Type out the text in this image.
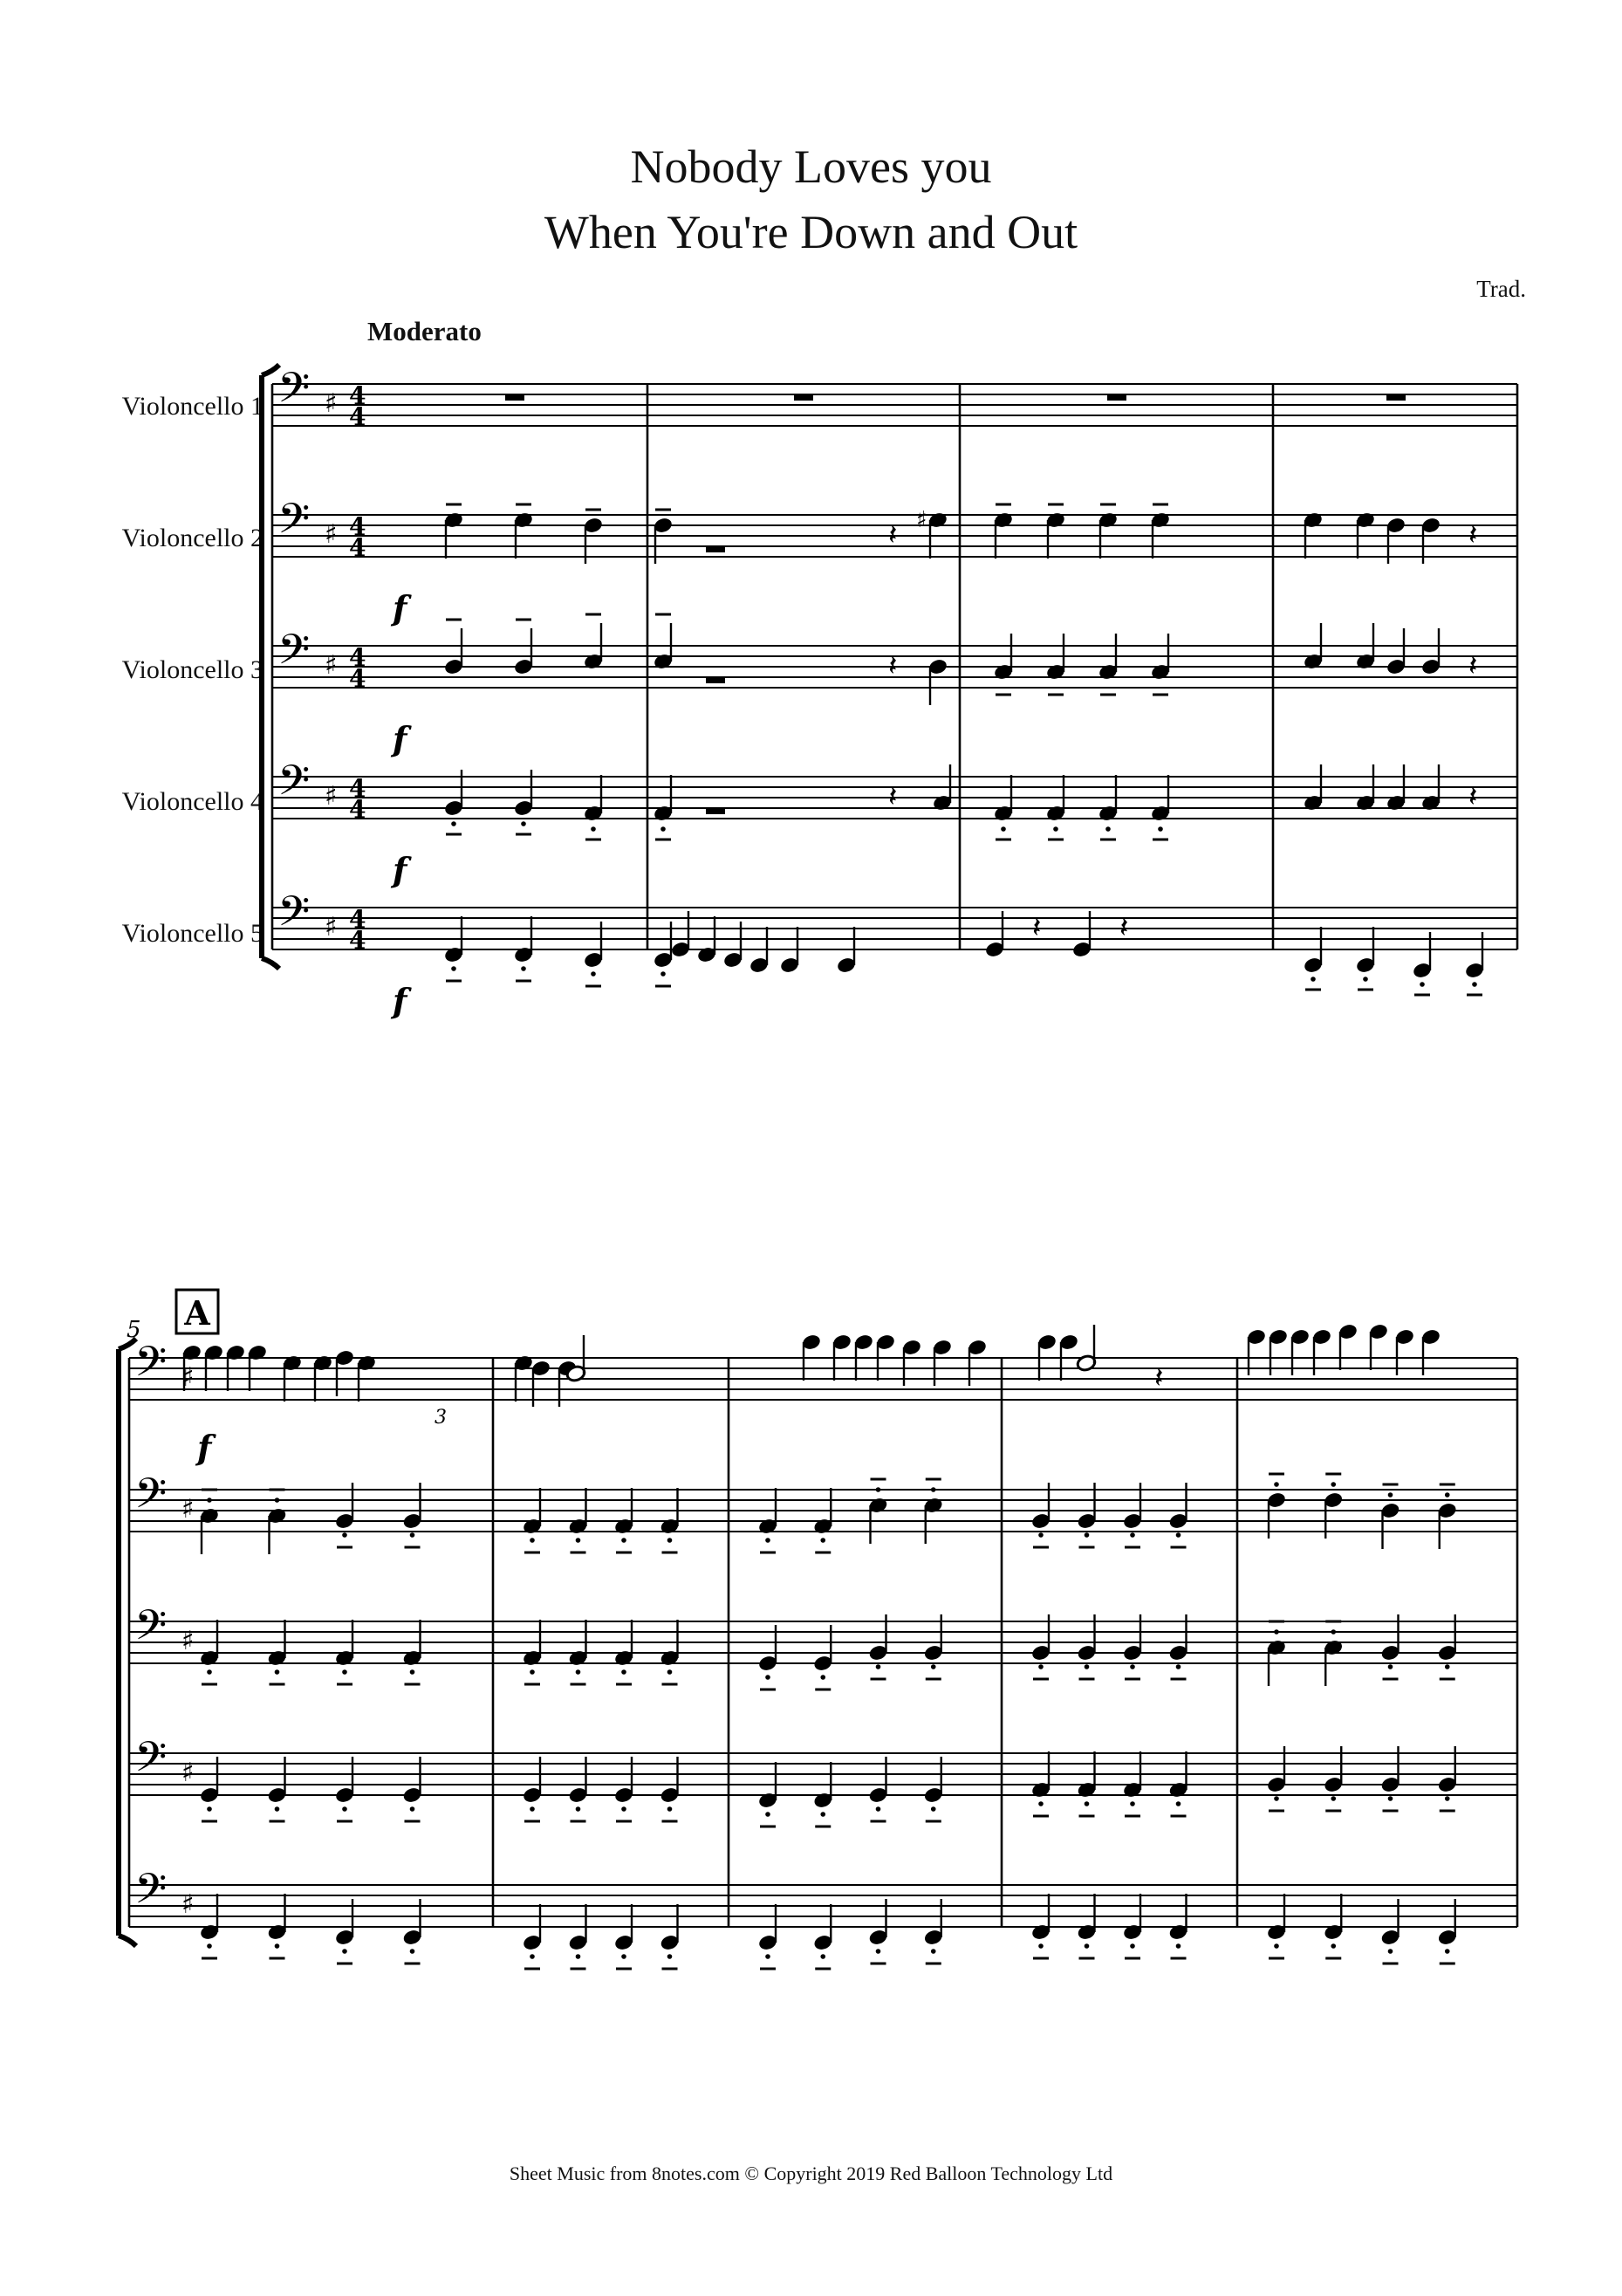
Nobody Loves you
When You're Down and Out
Trad.
Moderato
Violoncello 1
Violoncello 2
Violoncello 3
Violoncello 4
Violoncello 5
𝄢 ♯ 4
4
𝄢 ♯ 4
4
𝄢 ♯ 4
4
𝄢 ♯ 4
4
𝄢 ♯ 4
4
f
𝄽 ♯	𝄽
f
𝄽	𝄽
f
𝄽	𝄽
f
𝄽	𝄽
𝄢 ♯
𝄢 ♯
𝄢 ♯
𝄢 ♯
𝄢 ♯
f
𝄽
A
5
3
Sheet Music from 8notes.com © Copyright 2019 Red Balloon Technology Ltd
